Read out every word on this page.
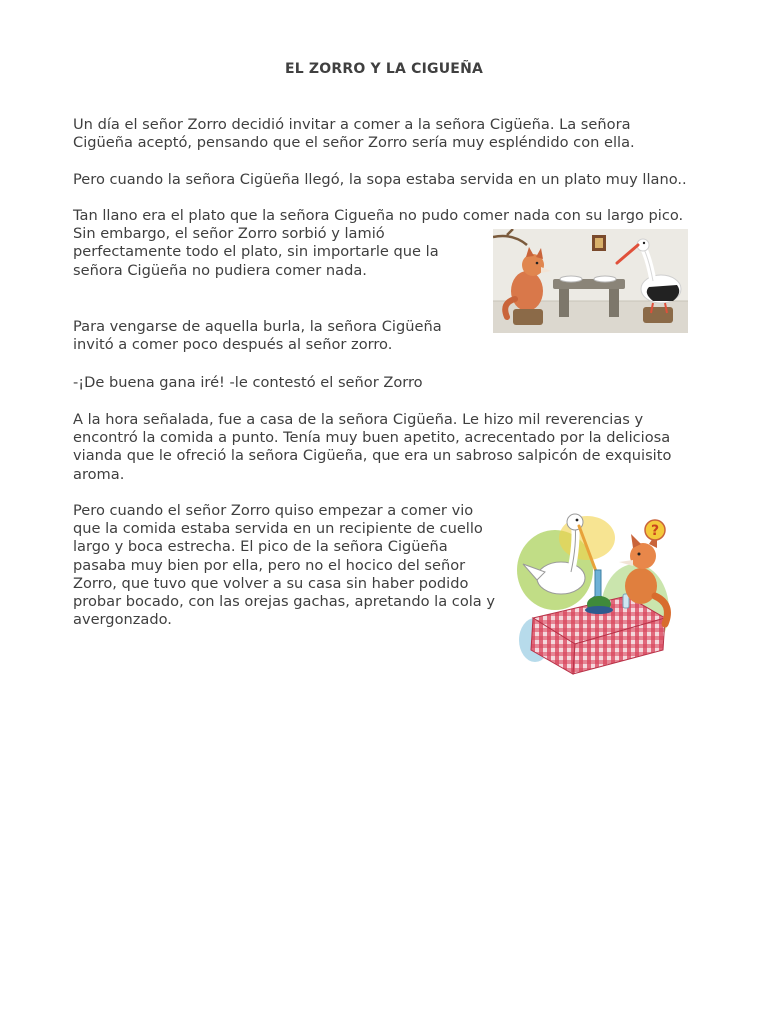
EL ZORRO Y LA CIGUEÑA

Un día el señor Zorro decidió invitar a comer a la señora Cigüeña. La señora
Cigüeña aceptó, pensando que el señor Zorro sería muy espléndido con ella.

Pero cuando la señora Cigüeña llegó, la sopa estaba servida en un plato muy llano..

Tan llano era el plato que la señora Cigueña no pudo comer nada con su largo pico.
Sin embargo, el señor Zorro sorbió y lamió
perfectamente todo el plato, sin importarle que la
señora Cigüeña no pudiera comer nada.

Para vengarse de aquella burla, la señora Cigüeña
invitó a comer poco después al señor zorro.

-¡De buena gana iré! -le contestó el señor Zorro

A la hora señalada, fue a casa de la señora Cigüeña. Le hizo mil reverencias y
encontró la comida a punto. Tenía muy buen apetito, acrecentado por la deliciosa
vianda que le ofreció la señora Cigüeña, que era un sabroso salpicón de exquisito
aroma.

Pero cuando el señor Zorro quiso empezar a comer vio
que la comida estaba servida en un recipiente de cuello
largo y boca estrecha. El pico de la señora Cigüeña
pasaba muy bien por ella, pero no el hocico del señor
Zorro, que tuvo que volver a su casa sin haber podido
probar bocado, con las orejas gachas, apretando la cola y
avergonzado.

?
